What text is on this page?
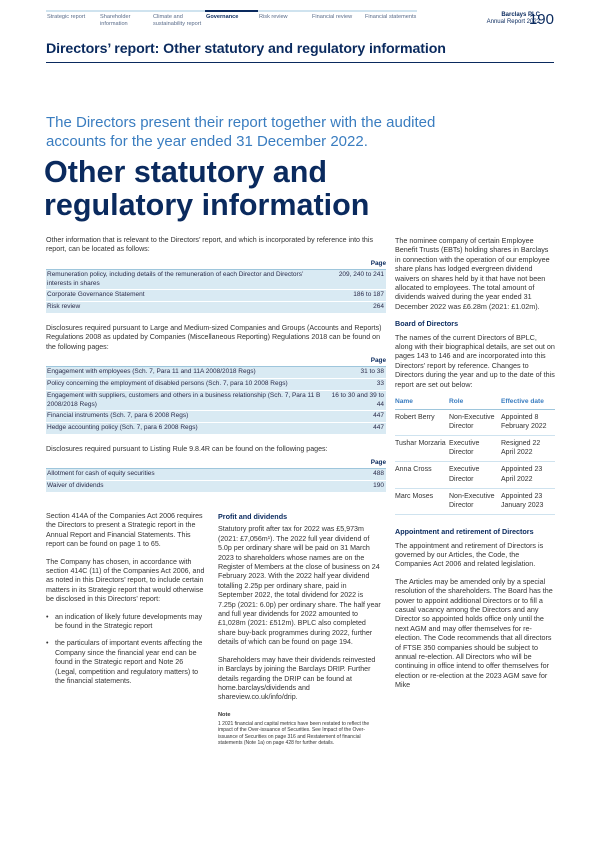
Strategic report	Shareholder information
Climate and sustainability report
Governance	Risk review	Financial review	Financial statements	Barclays PLC
Annual Report 2022
190
Directors’ report: Other statutory and regulatory information
The Directors present their report together with the audited accounts for the year ended 31 December 2022.
Other statutory and
regulatory information
Other information that is relevant to the Directors’ report, and which is incorporated by reference into this report, can be located as follows:
	Page
Remuneration policy, including details of the remuneration of each Director and Directors’ interests in shares	209, 240 to 241
Corporate Governance Statement	186 to 187
Risk review	264
Disclosures required pursuant to Large and Medium-sized Companies and Groups (Accounts and Reports) Regulations 2008 as updated by Companies (Miscellaneous Reporting) Regulations 2018 can be found on the following pages:
	Page
Engagement with employees (Sch. 7, Para 11 and 11A 2008/2018 Regs)	31 to 38
Policy concerning the employment of disabled persons (Sch. 7, para 10 2008 Regs)	33
Engagement with suppliers, customers and others in a business relationship (Sch. 7, Para 11 B 2008/2018 Regs)	16 to 30 and 39 to 44
Financial instruments (Sch. 7, para 6 2008 Regs)	447
Hedge accounting policy (Sch. 7, para 6 2008 Regs)	447
Disclosures required pursuant to Listing Rule 9.8.4R can be found on the following pages:
	Page
Allotment for cash of equity securities	488
Waiver of dividends	190

Section 414A of the Companies Act 2006 requires the Directors to present a Strategic report in the Annual Report and Financial Statements. This report can be found on page 1 to 65.

The Company has chosen, in accordance with section 414C (11) of the Companies Act 2006, and as noted in this Directors’ report, to include certain matters in its Strategic report that would otherwise be disclosed in this Directors’ report:

• an indication of likely future developments may be found in the Strategic report
• the particulars of important events affecting the Company since the financial year end can be found in the Strategic report and Note 26 (Legal, competition and regulatory matters) to the financial statements.
Profit and dividends

Statutory profit after tax for 2022 was £5,973m (2021: £7,056m¹). The 2022 full year dividend of 5.0p per ordinary share will be paid on 31 March 2023 to shareholders whose names are on the Register of Members at the close of business on 24 February 2023. With the 2022 half year dividend totalling 2.25p per ordinary share, paid in September 2022, the total dividend for 2022 is 7.25p (2021: 6.0p) per ordinary share. The half year and full year dividends for 2022 amounted to £1,028m (2021: £512m). BPLC also completed share buy-back programmes during 2022, further details of which can be found on page 194.

Shareholders may have their dividends reinvested in Barclays by joining the Barclays DRIP. Further details regarding the DRIP can be found at home.barclays/dividends and shareview.co.uk/info/drip.

Note
1 2021 financial and capital metrics have been restated to reflect the impact of the Over-issuance of Securities. See Impact of the Over-issuance of Securities on page 316 and Restatement of financial statements (Note 1a) on page 428 for further details.

The nominee company of certain Employee Benefit Trusts (EBTs) holding shares in Barclays in connection with the operation of our employee share plans has lodged evergreen dividend waivers on shares held by it that have not been allocated to employees. The total amount of dividends waived during the year ended 31 December 2022 was £6.28m (2021: £1.02m).

Board of Directors

The names of the current Directors of BPLC, along with their biographical details, are set out on pages 143 to 146 and are incorporated into this Directors’ report by reference. Changes to Directors during the year and up to the date of this report are set out below:

Name	Role	Effective date
Robert Berry	Non-Executive Director	Appointed 8 February 2022
Tushar Morzaria	Executive Director	Resigned 22 April 2022
Anna Cross	Executive Director	Appointed 23 April 2022
Marc Moses	Non-Executive Director	Appointed 23 January 2023
Appointment and retirement of Directors

The appointment and retirement of Directors is governed by our Articles, the Code, the Companies Act 2006 and related legislation.

The Articles may be amended only by a special resolution of the shareholders. The Board has the power to appoint additional Directors or to fill a casual vacancy among the Directors and any Director so appointed holds office only until the next AGM and may offer themselves for re-election. The Code recommends that all directors of FTSE 350 companies should be subject to annual re-election. All Directors who will be continuing in office intend to offer themselves for election or re-election at the 2023 AGM save for Mike
